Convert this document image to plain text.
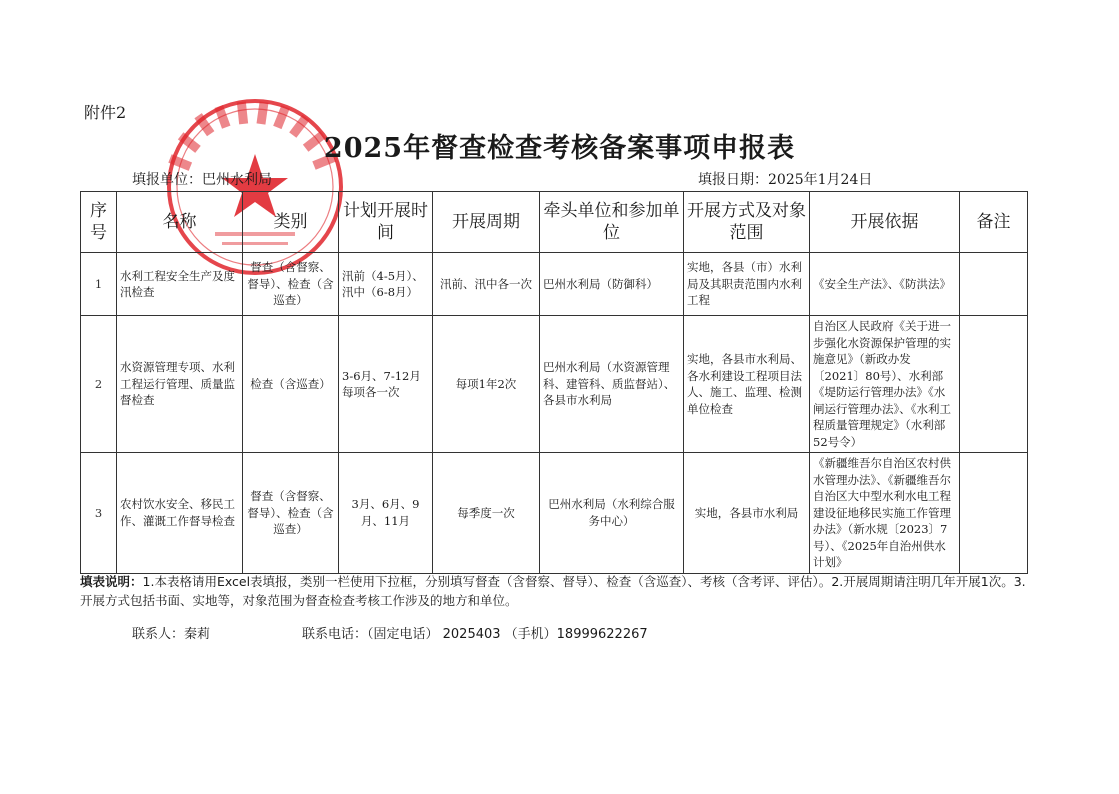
附件2
2025年督查检查考核备案事项申报表
填报单位：巴州水利局	填报日期：2025年1月24日
序号	名称	类别	计划开展时间	开展周期	牵头单位和参加单位	开展方式及对象范围	开展依据	备注
1	水利工程安全生产及度汛检查	督查（含督察、督导）、检查（含巡查）	汛前（4-5月）、汛中（6-8月）	汛前、汛中各一次	巴州水利局（防御科）	实地，各县（市）水利局及其职责范围内水利工程	《安全生产法》、《防洪法》	
2	水资源管理专项、水利工程运行管理、质量监督检查	检查（含巡查）	3-6月、7-12月每项各一次	每项1年2次	巴州水利局（水资源管理科、建管科、质监督站）、各县市水利局	实地，各县市水利局、各水利建设工程项目法人、施工、监理、检测单位检查	自治区人民政府《关于进一步强化水资源保护管理的实施意见》（新政办发〔2021〕80号）、水利部《堤防运行管理办法》《水闸运行管理办法》、《水利工程质量管理规定》（水利部52号令）	
3	农村饮水安全、移民工作、灌溉工作督导检查	督查（含督察、督导）、检查（含巡查）	3月、6月、9月、11月	每季度一次	巴州水利局（水利综合服务中心）	实地，各县市水利局	《新疆维吾尔自治区农村供水管理办法》、《新疆维吾尔自治区大中型水利水电工程建设征地移民实施工作管理办法》（新水规〔2023〕7号）、《2025年自治州供水计划》	
填表说明：1.本表格请用Excel表填报，类别一栏使用下拉框，分别填写督查（含督察、督导）、检查（含巡查）、考核（含考评、评估）。2.开展周期请注明几年开展1次。3.开展方式包括书面、实地等，对象范围为督查检查考核工作涉及的地方和单位。
联系人：秦莉	联系电话：（固定电话） 2025403 （手机）18999622267
